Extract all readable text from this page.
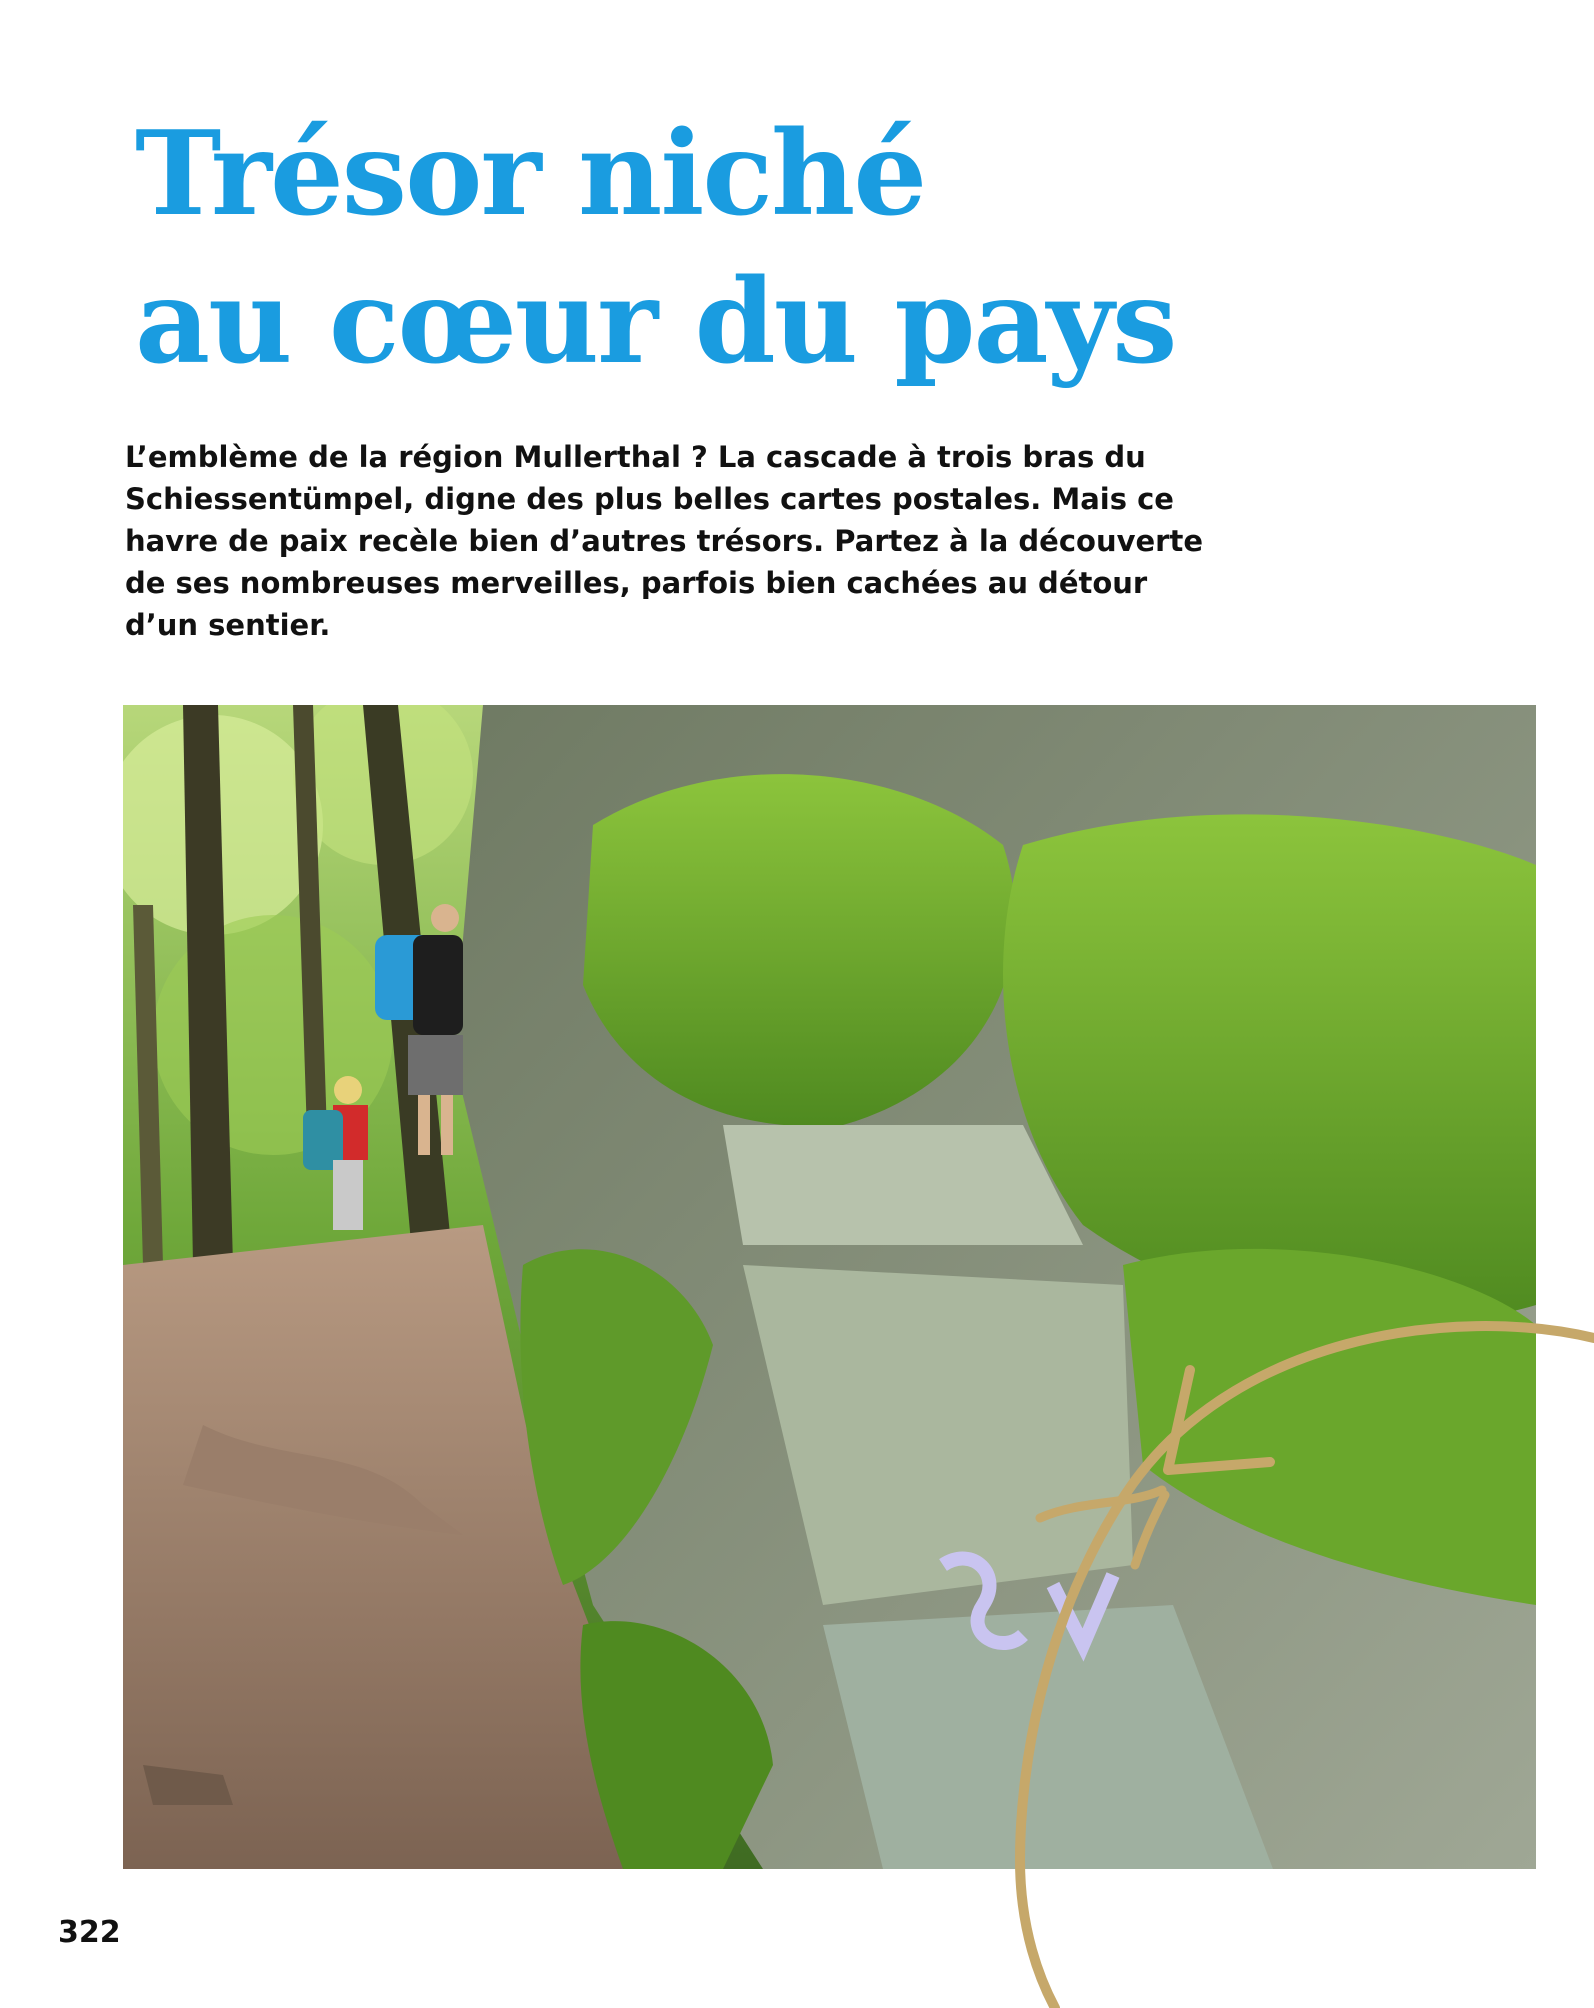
Trésor niché
au cœur du pays

L’emblème de la région Mullerthal ? La cascade à trois bras du
Schiessentümpel, digne des plus belles cartes postales. Mais ce
havre de paix recèle bien d’autres trésors. Partez à la découverte
de ses nombreuses merveilles, parfois bien cachées au détour
d’un sentier.

322
